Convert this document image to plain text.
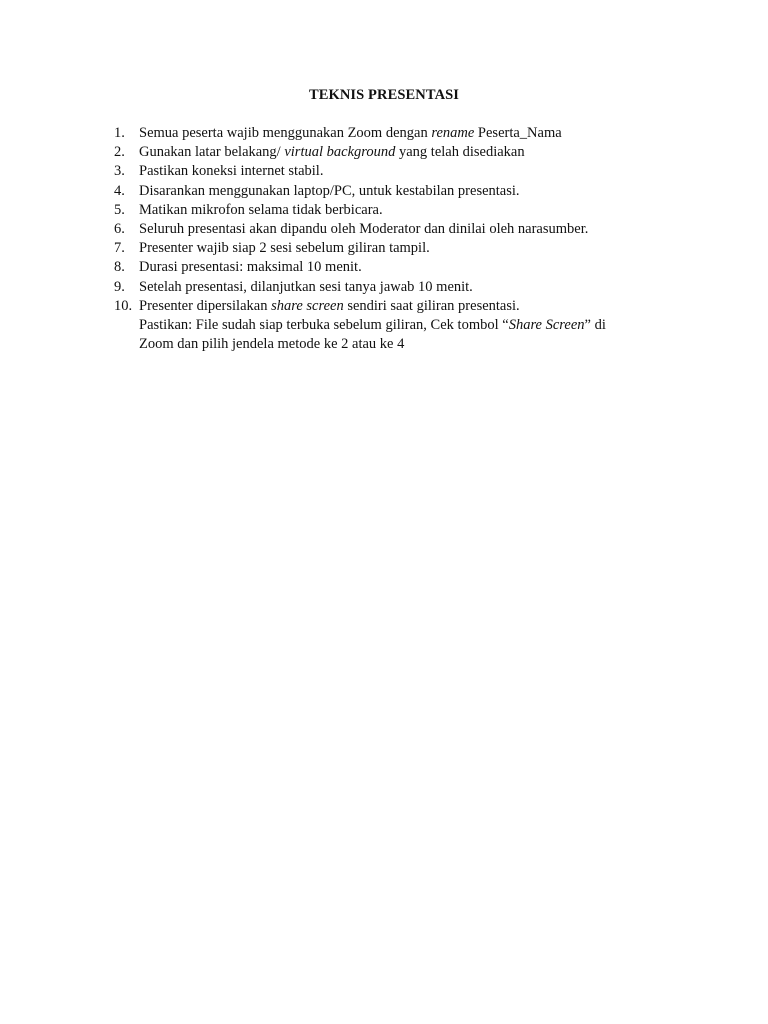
TEKNIS PRESENTASI
1. Semua peserta wajib menggunakan Zoom dengan rename Peserta_Nama
2. Gunakan latar belakang/ virtual background yang telah disediakan
3. Pastikan koneksi internet stabil.
4. Disarankan menggunakan laptop/PC, untuk kestabilan presentasi.
5. Matikan mikrofon selama tidak berbicara.
6. Seluruh presentasi akan dipandu oleh Moderator dan dinilai oleh narasumber.
7. Presenter wajib siap 2 sesi sebelum giliran tampil.
8. Durasi presentasi: maksimal 10 menit.
9. Setelah presentasi, dilanjutkan sesi tanya jawab 10 menit.
10. Presenter dipersilakan share screen sendiri saat giliran presentasi.
Pastikan: File sudah siap terbuka sebelum giliran, Cek tombol “Share Screen” di
Zoom dan pilih jendela metode ke 2 atau ke 4
